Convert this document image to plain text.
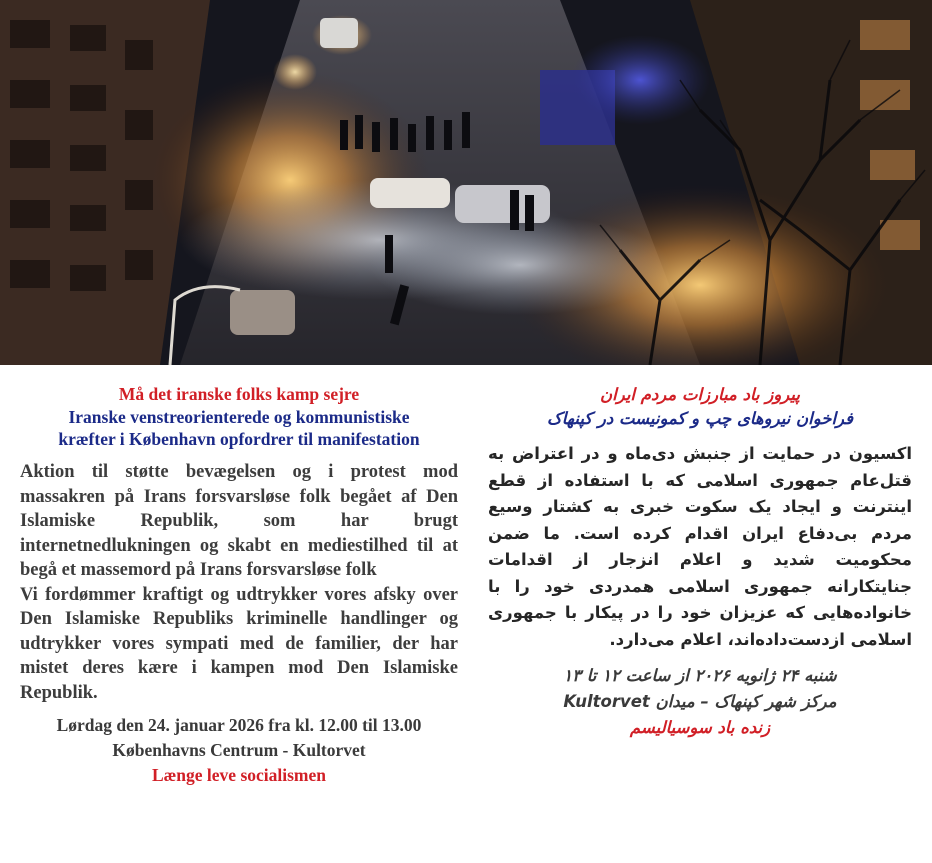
Må det iranske folks kamp sejre
Iranske venstreorienterede og kommunistiske
kræfter i København opfordrer til manifestation

Aktion til støtte bevægelsen og i protest mod massakren på Irans forsvarsløse folk begået af Den Islamiske Republik, som har brugt internetnedlukningen og skabt en mediestilhed til at begå et massemord på Irans forsvarsløse folk

Vi fordømmer kraftigt og udtrykker vores afsky over Den Islamiske Republiks kriminelle handlinger og udtrykker vores sympati med de familier, der har mistet deres kære i kampen mod Den Islamiske Republik.

Lørdag den 24. januar 2026 fra kl. 12.00 til 13.00
Københavns Centrum - Kultorvet
Længe leve socialismen
پیروز باد مبارزات مردم ایران
فراخوان نیروهای چپ و کمونیست در کپنهاک
اکسیون در حمایت از جنبش دی‌ماه و در اعتراض به قتل‌عام جمهوری اسلامی که با استفاده از قطع اینترنت و ایجاد یک سکوت خبری به کشتار وسیع مردم بی‌دفاع ایران اقدام کرده است. ما ضمن محکومیت شدید و اعلام انزجار از اقدامات جنایتکارانه جمهوری اسلامی همدردی خود را با خانواده‌هایی که عزیزان خود را در پیکار با جمهوری اسلامی ازدست‌داده‌اند، اعلام می‌دارد.
شنبه ۲۴ ژانویه ۲۰۲۶ از ساعت ۱۲ تا ۱۳
مرکز شهر کپنهاک – میدان Kultorvet
زنده باد سوسیالیسم
